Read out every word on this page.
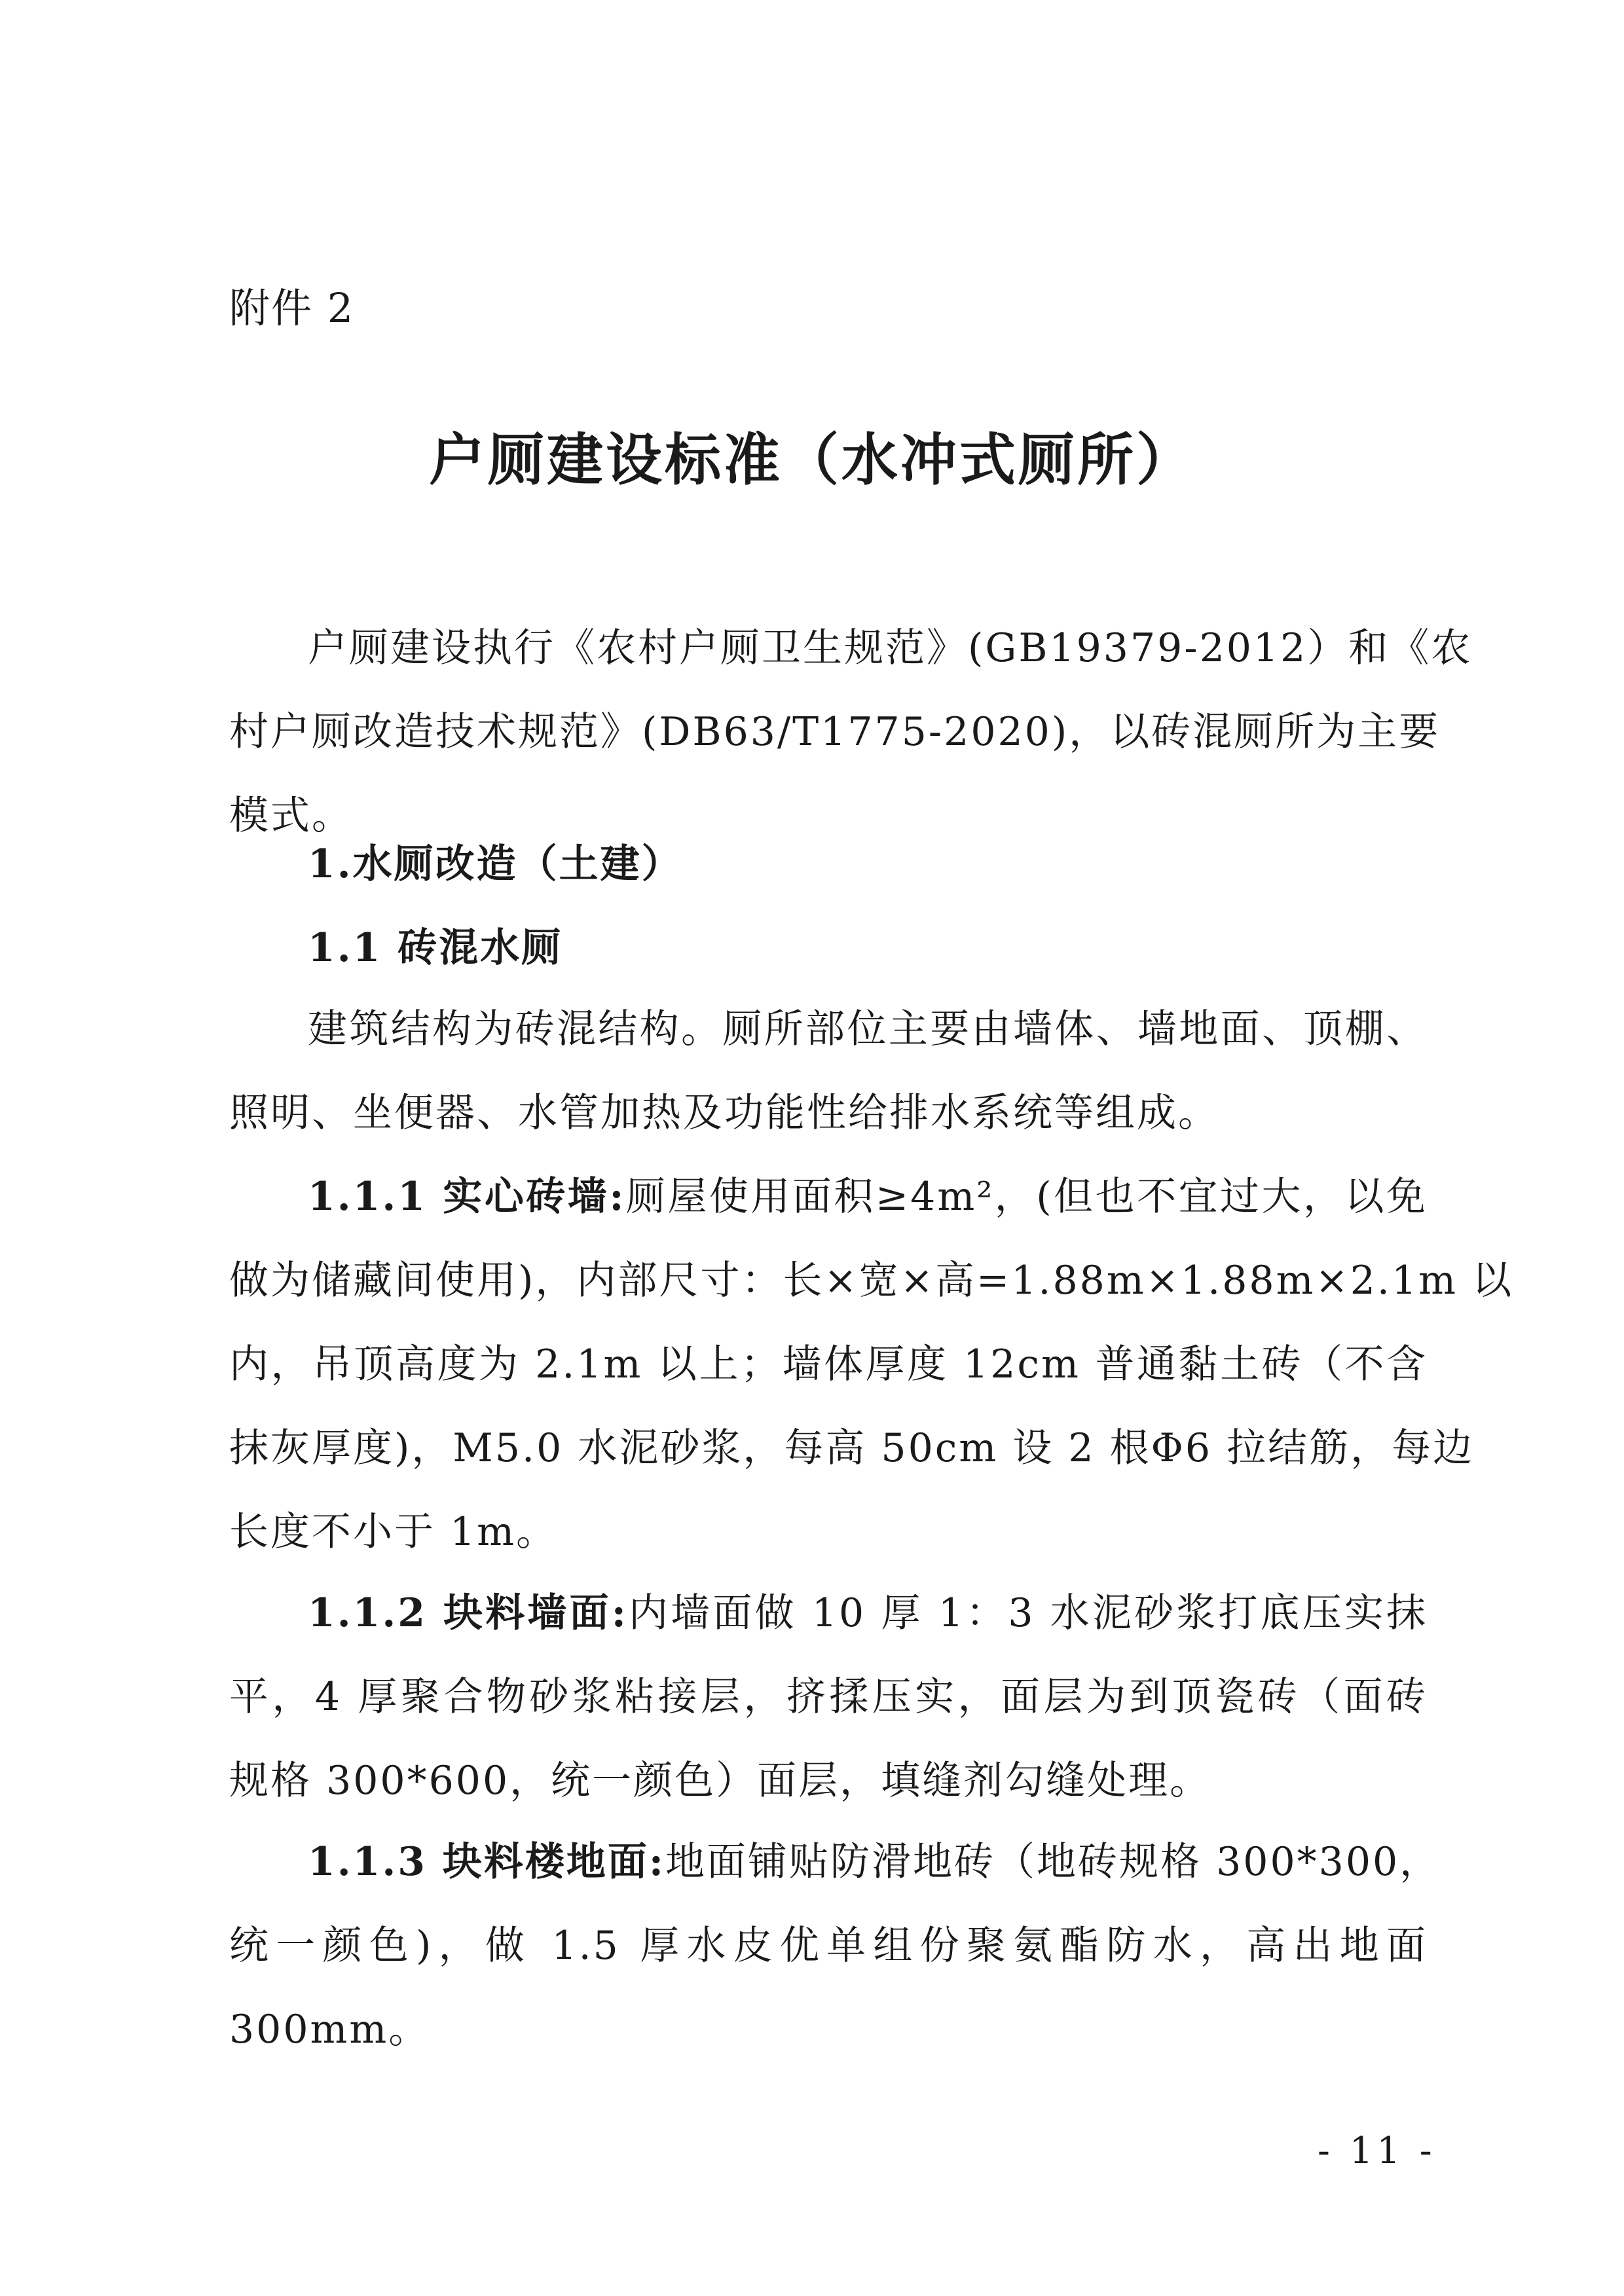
附件 2
户厕建设标准（水冲式厕所）
户厕建设执行《农村户厕卫生规范》(GB19379-2012）和《农
村户厕改造技术规范》(DB63/T1775-2020)，以砖混厕所为主要
模式。
1.水厕改造（土建）
1.1 砖混水厕
建筑结构为砖混结构。厕所部位主要由墙体、墙地面、顶棚、
照明、坐便器、水管加热及功能性给排水系统等组成。
1.1.1 实心砖墙:厕屋使用面积≥4m²，(但也不宜过大，以免
做为储藏间使用)，内部尺寸：长×宽×高=1.88m×1.88m×2.1m 以
内，吊顶高度为 2.1m 以上；墙体厚度 12cm 普通黏土砖（不含
抹灰厚度)，M5.0 水泥砂浆，每高 50cm 设 2 根Φ6 拉结筋，每边
长度不小于 1m。
1.1.2 块料墙面:内墙面做 10 厚 1：3 水泥砂浆打底压实抹
平，4 厚聚合物砂浆粘接层，挤揉压实，面层为到顶瓷砖（面砖
规格 300*600，统一颜色）面层，填缝剂勾缝处理。
1.1.3 块料楼地面:地面铺贴防滑地砖（地砖规格 300*300，
统一颜色)，做 1.5 厚水皮优单组份聚氨酯防水，高出地面
300mm。
- 11 -
